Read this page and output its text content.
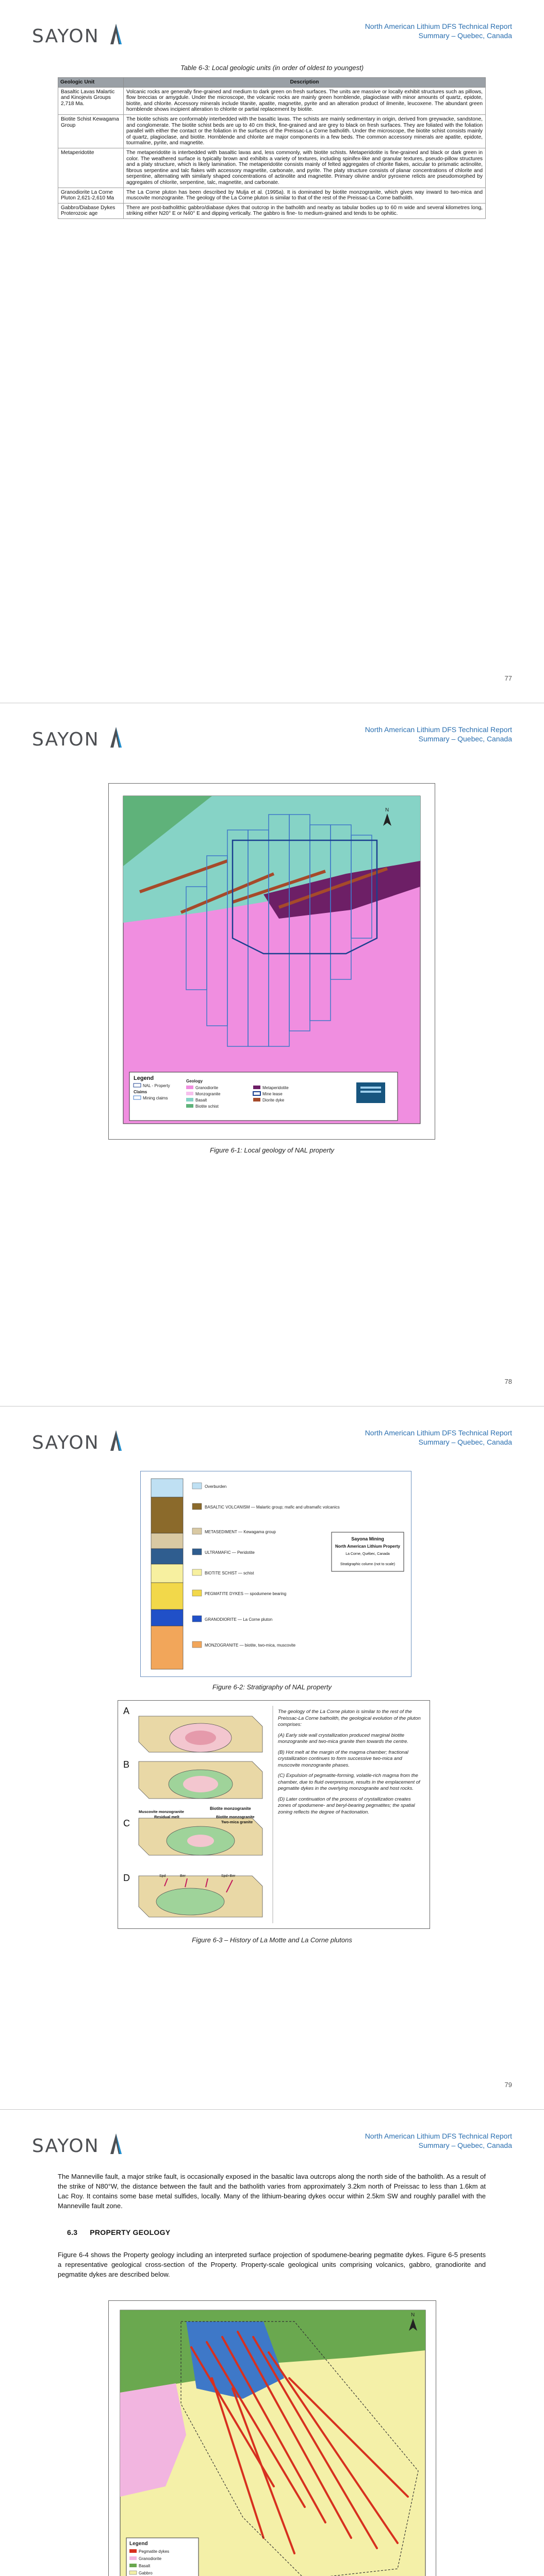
SAYON	North American Lithium DFS Technical Report
Summary – Quebec, Canada
Table 6-3: Local geologic units (in order of oldest to youngest)
Geologic Unit	Description
Basaltic Lavas Malartic and Kinojevis Groups 2,718 Ma.	Volcanic rocks are generally fine-grained and medium to dark green on fresh surfaces. The units are massive or locally exhibit structures such as pillows, flow breccias or amygdule. Under the microscope, the volcanic rocks are mainly green hornblende, plagioclase with minor amounts of quartz, epidote, biotite, and chlorite. Accessory minerals include titanite, apatite, magnetite, pyrite and an alteration product of ilmenite, leucoxene. The abundant green hornblende shows incipient alteration to chlorite or partial replacement by biotite.
Biotite Schist Kewagama Group	The biotite schists are conformably interbedded with the basaltic lavas. The schists are mainly sedimentary in origin, derived from greywacke, sandstone, and conglomerate. The biotite schist beds are up to 40 cm thick, fine-grained and are grey to black on fresh surfaces. They are foliated with the foliation parallel with either the contact or the foliation in the surfaces of the Preissac-La Corne batholith. Under the microscope, the biotite schist consists mainly of quartz, plagioclase, and biotite. Hornblende and chlorite are major components in a few beds. The common accessory minerals are apatite, epidote, tourmaline, pyrite, and magnetite.
Metaperidotite	The metaperidotite is interbedded with basaltic lavas and, less commonly, with biotite schists. Metaperidotite is fine-grained and black or dark green in color. The weathered surface is typically brown and exhibits a variety of textures, including spinifex-like and granular textures, pseudo-pillow structures and a platy structure, which is likely lamination. The metaperidotite consists mainly of felted aggregates of chlorite flakes, acicular to prismatic actinolite, fibrous serpentine and talc flakes with accessory magnetite, carbonate, and pyrite. The platy structure consists of planar concentrations of chlorite and serpentine, alternating with similarly shaped concentrations of actinolite and magnetite. Primary olivine and/or pyroxene relicts are pseudomorphed by aggregates of chlorite, serpentine, talc, magnetite, and carbonate.
Granodiorite La Corne Pluton 2,621-2,610 Ma	The La Corne pluton has been described by Mulja et al. (1995a). It is dominated by biotite monzogranite, which gives way inward to two-mica and muscovite monzogranite. The geology of the La Corne pluton is similar to that of the rest of the Preissac-La Corne batholith.
Gabbro/Diabase Dykes Proterozoic age	There are post-batholithic gabbro/diabase dykes that outcrop in the batholith and nearby as tabular bodies up to 60 m wide and several kilometres long, striking either N20° E or N40° E and dipping vertically. The gabbro is fine- to medium-grained and tends to be ophitic.
77
SAYON	North American Lithium DFS Technical Report
Summary – Quebec, Canada
N
Legend
NAL - Property
Claims
Geology
Mining claims
Granodiorite
Monzogranite
Basalt
Biotite schist
Metaperidotite
Mine lease
Diorite dyke
Figure 6-1: Local geology of NAL property
78
SAYON	North American Lithium DFS Technical Report
Summary – Quebec, Canada
Overburden
BASALTIC VOLCANISM — Malartic group; mafic and ultramafic volcanics
METASEDIMENT — Kewagama group
ULTRAMAFIC — Peridotite
BIOTITE SCHIST — schist
PEGMATITE DYKES — spodumene bearing
GRANODIORITE — La Corne pluton
MONZOGRANITE — biotite, two-mica, muscovite
Sayona Mining
North American Lithium Property
La Corne, Québec, Canada
Stratigraphic column (not to scale)
Figure 6-2: Stratigraphy of NAL property
A
B
Biotite monzogranite
C
Muscovite monzogranite
Biotite monzogranite
Two-mica granite
Residual melt
D	Spd	Ber	Spd+Ber

The geology of the La Corne pluton is similar to the rest of the Preissac-La Corne batholith, the geological evolution of the pluton comprises:

(A) Early side wall crystallization produced marginal biotite monzogranite and two-mica granite then towards the centre.

(B) Hot melt at the margin of the magma chamber; fractional crystallization continues to form successive two-mica and muscovite monzogranite phases.

(C) Expulsion of pegmatite-forming, volatile-rich magma from the chamber, due to fluid overpressure, results in the emplacement of pegmatite dykes in the overlying monzogranite and host rocks.

(D) Later continuation of the process of crystallization creates zones of spodumene- and beryl-bearing pegmatites; the spatial zoning reflects the degree of fractionation.

Figure 6-3 – History of La Motte and La Corne plutons
79
SAYON	North American Lithium DFS Technical Report
Summary – Quebec, Canada

The Manneville fault, a major strike fault, is occasionally exposed in the basaltic lava outcrops along the north side of the batholith. As a result of the strike of N80°W, the distance between the fault and the batholith varies from approximately 3.2km north of Preissac to less than 1.6km at Lac Roy. It contains some base metal sulfides, locally. Many of the lithium-bearing dykes occur within 2.5km SW and roughly parallel with the Manneville fault zone.

6.3 PROPERTY GEOLOGY

Figure 6-4 shows the Property geology including an interpreted surface projection of spodumene-bearing pegmatite dykes. Figure 6-5 presents a representative geological cross-section of the Property. Property-scale geological units comprising volcanics, gabbro, granodiorite and pegmatite dykes are described below.

N
Legend
Pegmatite dykes
Granodiorite
Basalt
Gabbro
